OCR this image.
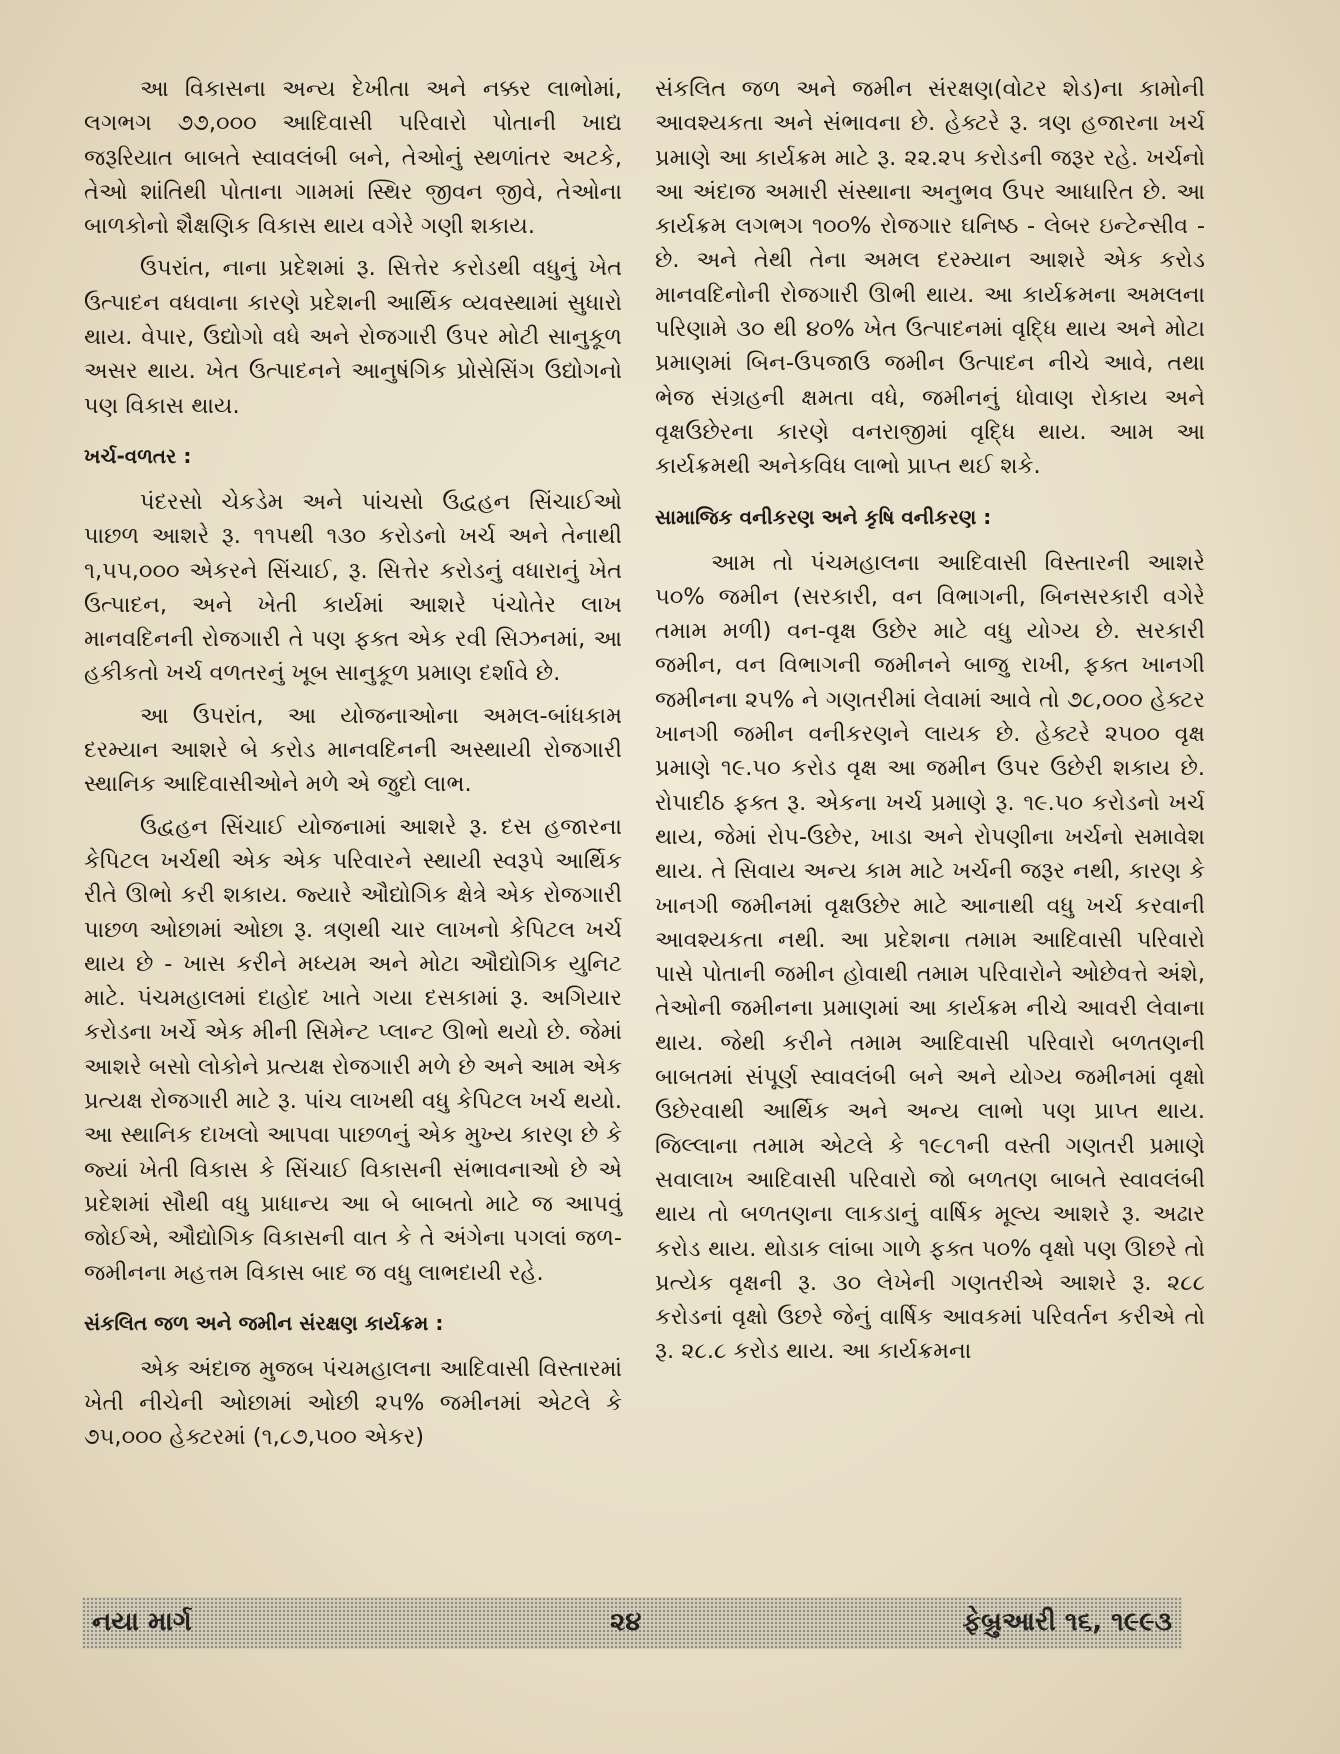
આ વિકાસના અન્ય દેખીતા અને નક્કર લાભોમાં, લગભગ ૭૭,૦૦૦ આદિવાસી પરિવારો પોતાની ખાદ્ય જરૂરિયાત બાબતે સ્વાવલંબી બને, તેઓનું સ્થળાંતર અટકે, તેઓ શાંતિથી પોતાના ગામમાં સ્થિર જીવન જીવે, તેઓના બાળકોનો શૈક્ષણિક વિકાસ થાય વગેરે ગણી શકાય.

ઉપરાંત, નાના પ્રદેશમાં રૂ. સિત્તેર કરોડથી વધુનું ખેત ઉત્પાદન વધવાના કારણે પ્રદેશની આર્થિક વ્યવસ્થામાં સુધારો થાય. વેપાર, ઉદ્યોગો વધે અને રોજગારી ઉપર મોટી સાનુકૂળ અસર થાય. ખેત ઉત્પાદનને આનુષંગિક પ્રોસેસિંગ ઉદ્યોગનો પણ વિકાસ થાય.

ખર્ચ-વળતર :

પંદરસો ચેકડેમ અને પાંચસો ઉદ્વહન સિંચાઈઓ પાછળ આશરે રૂ. ૧૧૫થી ૧૩૦ કરોડનો ખર્ચ અને તેનાથી ૧,૫૫,૦૦૦ એકરને સિંચાઈ, રૂ. સિત્તેર કરોડનું વધારાનું ખેત ઉત્પાદન, અને ખેતી કાર્યમાં આશરે પંચોતેર લાખ માનવદિનની રોજગારી તે પણ ફક્ત એક રવી સિઝનમાં, આ હકીકતો ખર્ચ વળતરનું ખૂબ સાનુકૂળ પ્રમાણ દર્શાવે છે.

આ ઉપરાંત, આ યોજનાઓના અમલ-બાંધકામ દરમ્યાન આશરે બે કરોડ માનવદિનની અસ્થાયી રોજગારી સ્થાનિક આદિવાસીઓને મળે એ જુદો લાભ.

ઉદ્વહન સિંચાઈ યોજનામાં આશરે રૂ. દસ હજારના કેપિટલ ખર્ચથી એક એક પરિવારને સ્થાયી સ્વરૂપે આર્થિક રીતે ઊભો કરી શકાય. જ્યારે ઔદ્યોગિક ક્ષેત્રે એક રોજગારી પાછળ ઓછામાં ઓછા રૂ. ત્રણથી ચાર લાખનો કેપિટલ ખર્ચ થાય છે - ખાસ કરીને મધ્યમ અને મોટા ઔદ્યોગિક યુનિટ માટે. પંચમહાલમાં દાહોદ ખાતે ગયા દસકામાં રૂ. અગિયાર કરોડના ખર્ચે એક મીની સિમેન્ટ પ્લાન્ટ ઊભો થયો છે. જેમાં આશરે બસો લોકોને પ્રત્યક્ષ રોજગારી મળે છે અને આમ એક પ્રત્યક્ષ રોજગારી માટે રૂ. પાંચ લાખથી વધુ કેપિટલ ખર્ચ થયો. આ સ્થાનિક દાખલો આપવા પાછળનું એક મુખ્ય કારણ છે કે જ્યાં ખેતી વિકાસ કે સિંચાઈ વિકાસની સંભાવનાઓ છે એ પ્રદેશમાં સૌથી વધુ પ્રાધાન્ય આ બે બાબતો માટે જ આપવું જોઈએ, ઔદ્યોગિક વિકાસની વાત કે તે અંગેના પગલાં જળ-જમીનના મહત્તમ વિકાસ બાદ જ વધુ લાભદાયી રહે.

સંકલિત જળ અને જમીન સંરક્ષણ કાર્યક્રમ :

એક અંદાજ મુજબ પંચમહાલના આદિવાસી વિસ્તારમાં ખેતી નીચેની ઓછામાં ઓછી ૨૫% જમીનમાં એટલે કે ૭૫,૦૦૦ હેક્ટરમાં (૧,૮૭,૫૦૦ એકર)

સંકલિત જળ અને જમીન સંરક્ષણ(વોટર શેડ)ના કામોની આવશ્યકતા અને સંભાવના છે. હેક્ટરે રૂ. ત્રણ હજારના ખર્ચ પ્રમાણે આ કાર્યક્રમ માટે રૂ. ૨૨.૨૫ કરોડની જરૂર રહે. ખર્ચનો આ અંદાજ અમારી સંસ્થાના અનુભવ ઉપર આધારિત છે. આ કાર્યક્રમ લગભગ ૧૦૦% રોજગાર ઘનિષ્ઠ - લેબર ઇન્ટેન્સીવ - છે. અને તેથી તેના અમલ દરમ્યાન આશરે એક કરોડ માનવદિનોની રોજગારી ઊભી થાય. આ કાર્યક્રમના અમલના પરિણામે ૩૦ થી ૪૦% ખેત ઉત્પાદનમાં વૃદ્ધિ થાય અને મોટા પ્રમાણમાં બિન-ઉપજાઉ જમીન ઉત્પાદન નીચે આવે, તથા ભેજ સંગ્રહની ક્ષમતા વધે, જમીનનું ધોવાણ રોકાય અને વૃક્ષઉછેરના કારણે વનરાજીમાં વૃદ્ધિ થાય. આમ આ કાર્યક્રમથી અનેકવિધ લાભો પ્રાપ્ત થઈ શકે.

સામાજિક વનીકરણ અને કૃષિ વનીકરણ :

આમ તો પંચમહાલના આદિવાસી વિસ્તારની આશરે ૫૦% જમીન (સરકારી, વન વિભાગની, બિનસરકારી વગેરે તમામ મળી) વન-વૃક્ષ ઉછેર માટે વધુ યોગ્ય છે. સરકારી જમીન, વન વિભાગની જમીનને બાજુ રાખી, ફક્ત ખાનગી જમીનના ૨૫% ને ગણતરીમાં લેવામાં આવે તો ૭૮,૦૦૦ હેક્ટર ખાનગી જમીન વનીકરણને લાયક છે. હેક્ટરે ૨૫૦૦ વૃક્ષ પ્રમાણે ૧૯.૫૦ કરોડ વૃક્ષ આ જમીન ઉપર ઉછેરી શકાય છે. રોપાદીઠ ફક્ત રૂ. એકના ખર્ચ પ્રમાણે રૂ. ૧૯.૫૦ કરોડનો ખર્ચ થાય, જેમાં રોપ-ઉછેર, ખાડા અને રોપણીના ખર્ચનો સમાવેશ થાય. તે સિવાય અન્ય કામ માટે ખર્ચની જરૂર નથી, કારણ કે ખાનગી જમીનમાં વૃક્ષઉછેર માટે આનાથી વધુ ખર્ચ કરવાની આવશ્યકતા નથી. આ પ્રદેશના તમામ આદિવાસી પરિવારો પાસે પોતાની જમીન હોવાથી તમામ પરિવારોને ઓછેવત્તે અંશે, તેઓની જમીનના પ્રમાણમાં આ કાર્યક્રમ નીચે આવરી લેવાના થાય. જેથી કરીને તમામ આદિવાસી પરિવારો બળતણની બાબતમાં સંપૂર્ણ સ્વાવલંબી બને અને યોગ્ય જમીનમાં વૃક્ષો ઉછેરવાથી આર્થિક અને અન્ય લાભો પણ પ્રાપ્ત થાય. જિલ્લાના તમામ એટલે કે ૧૯૮૧ની વસ્તી ગણતરી પ્રમાણે સવાલાખ આદિવાસી પરિવારો જો બળતણ બાબતે સ્વાવલંબી થાય તો બળતણના લાકડાનું વાર્ષિક મૂલ્ય આશરે રૂ. અઢાર કરોડ થાય. થોડાક લાંબા ગાળે ફક્ત ૫૦% વૃક્ષો પણ ઊછરે તો પ્રત્યેક વૃક્ષની રૂ. ૩૦ લેખેની ગણતરીએ આશરે રૂ. ૨૮૮ કરોડનાં વૃક્ષો ઉછરે જેનું વાર્ષિક આવકમાં પરિવર્તન કરીએ તો રૂ. ૨૮.૮ કરોડ થાય. આ કાર્યક્રમના

નયા માર્ગ	૨૪	ફેબ્રુઆરી ૧૬, ૧૯૯૩
